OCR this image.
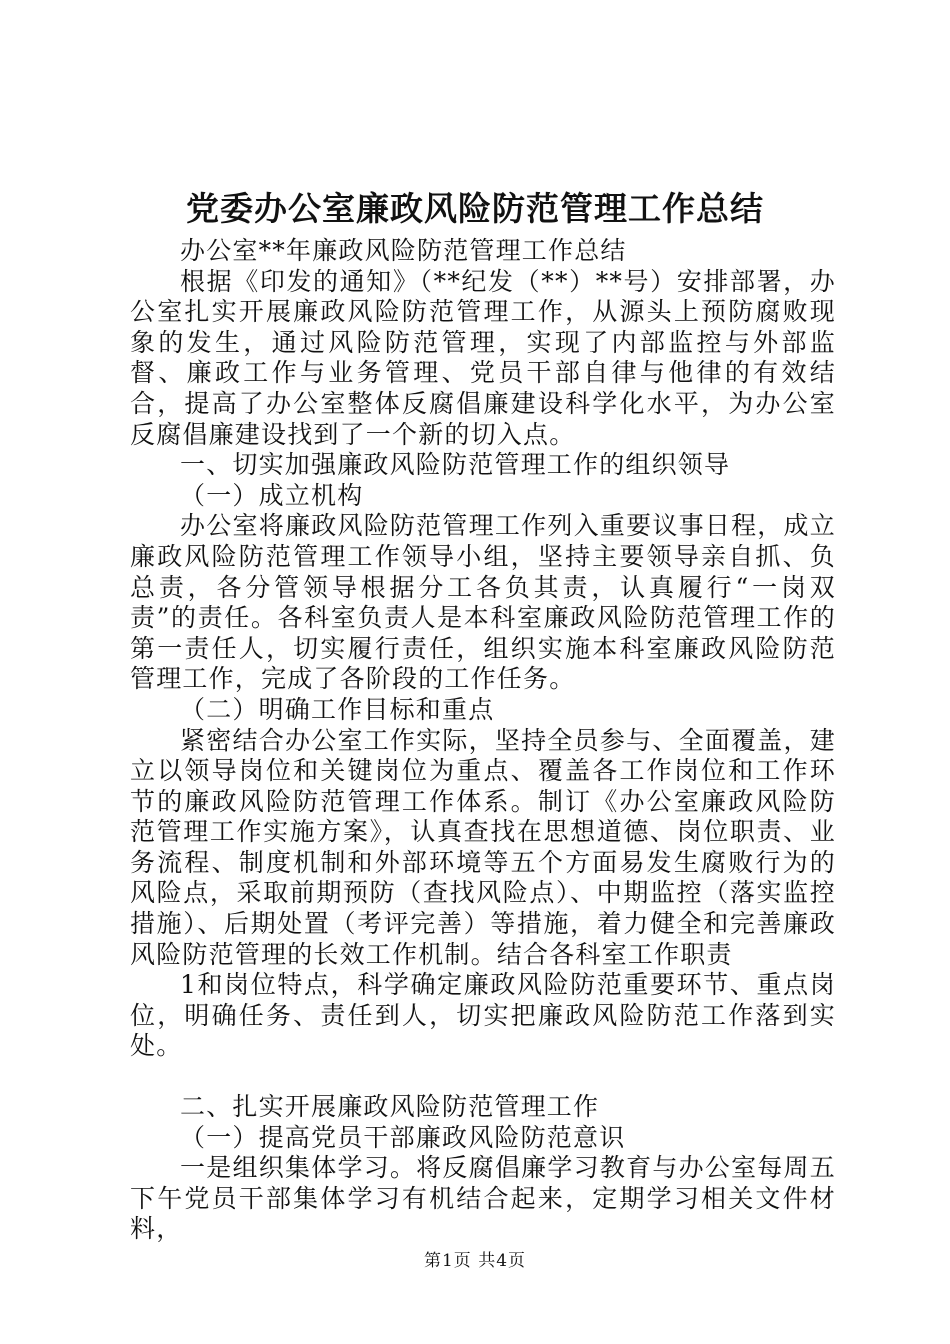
党委办公室廉政风险防范管理工作总结

办公室**年廉政风险防范管理工作总结

根据《印发的通知》（**纪发（**）**号）安排部署，办公室扎实开展廉政风险防范管理工作，从源头上预防腐败现象的发生，通过风险防范管理，实现了内部监控与外部监督、廉政工作与业务管理、党员干部自律与他律的有效结合，提高了办公室整体反腐倡廉建设科学化水平，为办公室反腐倡廉建设找到了一个新的切入点。

一、切实加强廉政风险防范管理工作的组织领导

（一）成立机构

办公室将廉政风险防范管理工作列入重要议事日程，成立廉政风险防范管理工作领导小组，坚持主要领导亲自抓、负总责，各分管领导根据分工各负其责，认真履行“一岗双责”的责任。各科室负责人是本科室廉政风险防范管理工作的第一责任人，切实履行责任，组织实施本科室廉政风险防范管理工作，完成了各阶段的工作任务。

（二）明确工作目标和重点

紧密结合办公室工作实际，坚持全员参与、全面覆盖，建立以领导岗位和关键岗位为重点、覆盖各工作岗位和工作环节的廉政风险防范管理工作体系。制订《办公室廉政风险防范管理工作实施方案》，认真查找在思想道德、岗位职责、业务流程、制度机制和外部环境等五个方面易发生腐败行为的风险点，采取前期预防（查找风险点）、中期监控（落实监控措施）、后期处置（考评完善）等措施，着力健全和完善廉政风险防范管理的长效工作机制。结合各科室工作职责

1和岗位特点，科学确定廉政风险防范重要环节、重点岗位，明确任务、责任到人，切实把廉政风险防范工作落到实处。

二、扎实开展廉政风险防范管理工作

（一）提高党员干部廉政风险防范意识

一是组织集体学习。将反腐倡廉学习教育与办公室每周五下午党员干部集体学习有机结合起来，定期学习相关文件材料，

第1页 共4页
